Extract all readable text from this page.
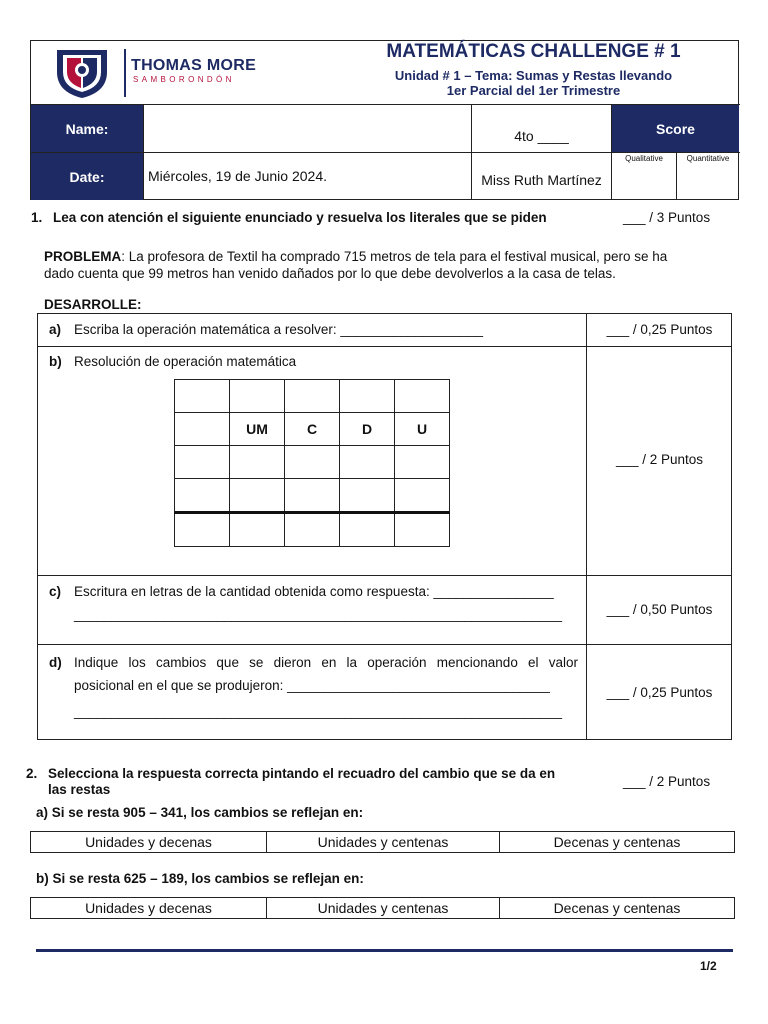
THOMAS MORE
SAMBORONDÓN
MATEMÁTICAS CHALLENGE # 1
Unidad # 1 – Tema: Sumas y Restas llevando
1er Parcial del 1er Trimestre
Name:	4to ____	Score
Date:	Miércoles, 19 de Junio 2024.	Miss Ruth Martínez
Qualitative	Quantitative
1. Lea con atención el siguiente enunciado y resuelva los literales que se piden	___ / 3 Puntos
PROBLEMA: La profesora de Textil ha comprado 715 metros de tela para el festival musical, pero se ha
dado cuenta que 99 metros han venido dañados por lo que debe devolverlos a la casa de telas.
DESARROLLE:
a) Escriba la operación matemática a resolver: ___________________	___ / 0,25 Puntos
b) Resolución de operación matemática
___ / 2 Puntos

	UM	C	D	U

c) Escritura en letras de la cantidad obtenida como respuesta: ________________
_________________________________________________________________	___ / 0,50 Puntos
d) Indique los cambios que se dieron en la operación mencionando el valor
posicional en el que se produjeron: ___________________________________
_________________________________________________________________
___ / 0,25 Puntos
2. Selecciona la respuesta correcta pintando el recuadro del cambio que se da en
las restas
___ / 2 Puntos
a) Si se resta 905 – 341, los cambios se reflejan en:
Unidades y decenas	Unidades y centenas	Decenas y centenas
b) Si se resta 625 – 189, los cambios se reflejan en:
Unidades y decenas	Unidades y centenas	Decenas y centenas
1/2
